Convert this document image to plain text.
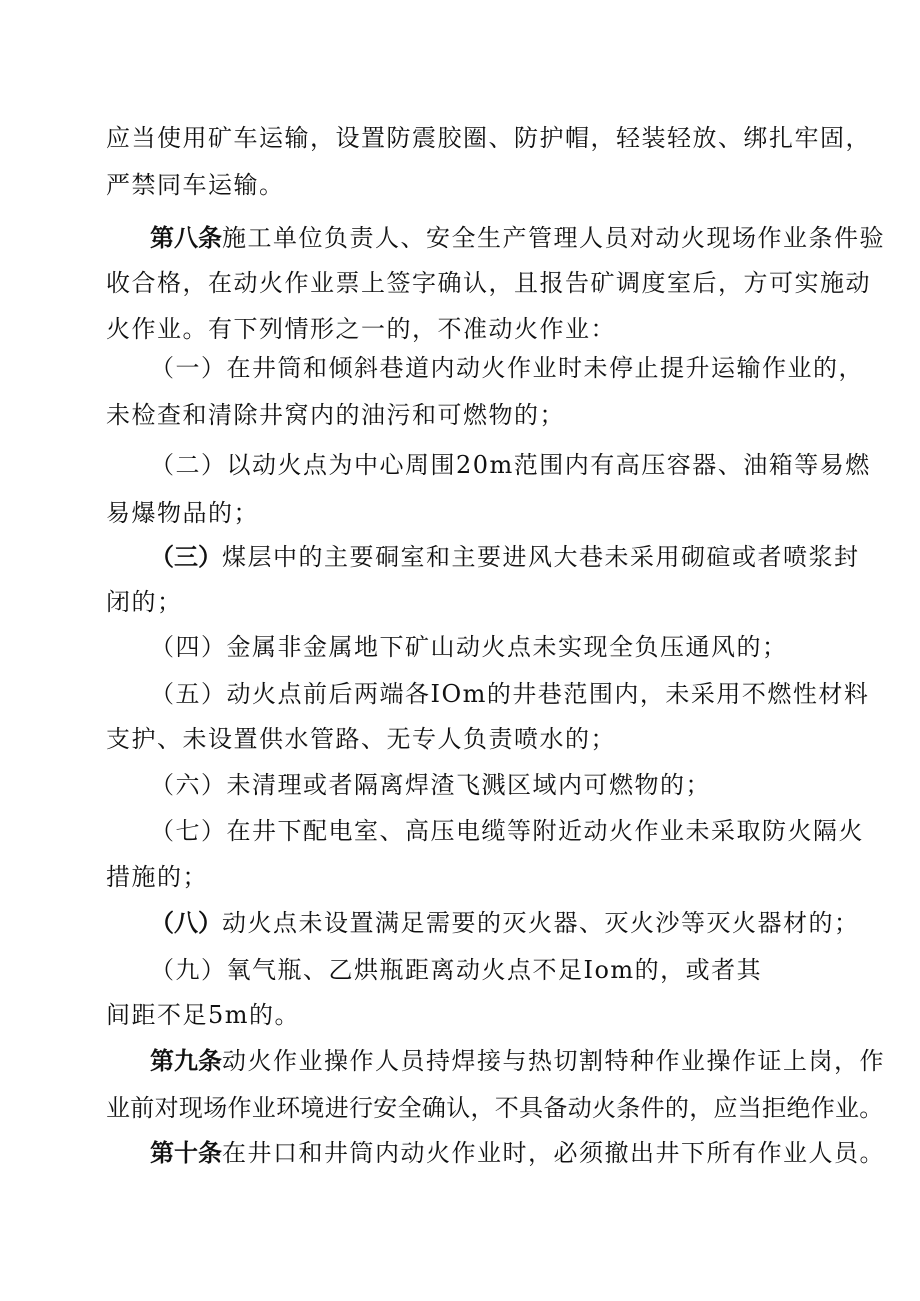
应当使用矿车运输，设置防震胶圈、防护帽，轻装轻放、绑扎牢固，
严禁同车运输。
第八条施工单位负责人、安全生产管理人员对动火现场作业条件验
收合格，在动火作业票上签字确认，且报告矿调度室后，方可实施动
火作业。有下列情形之一的，不准动火作业：
（一）在井筒和倾斜巷道内动火作业时未停止提升运输作业的，
未检查和清除井窝内的油污和可燃物的；
（二）以动火点为中心周围20m范围内有高压容器、油箱等易燃
易爆物品的；
（三）煤层中的主要硐室和主要进风大巷未采用砌碹或者喷浆封
闭的；
（四）金属非金属地下矿山动火点未实现全负压通风的；
（五）动火点前后两端各IOm的井巷范围内，未采用不燃性材料
支护、未设置供水管路、无专人负责喷水的；
（六）未清理或者隔离焊渣飞溅区域内可燃物的；
（七）在井下配电室、高压电缆等附近动火作业未采取防火隔火
措施的；
（八）动火点未设置满足需要的灭火器、灭火沙等灭火器材的；
（九）氧气瓶、乙烘瓶距离动火点不足Iom的，或者其
间距不足5m的。
第九条动火作业操作人员持焊接与热切割特种作业操作证上岗，作
业前对现场作业环境进行安全确认，不具备动火条件的，应当拒绝作业。
第十条在井口和井筒内动火作业时，必须撤出井下所有作业人员。
